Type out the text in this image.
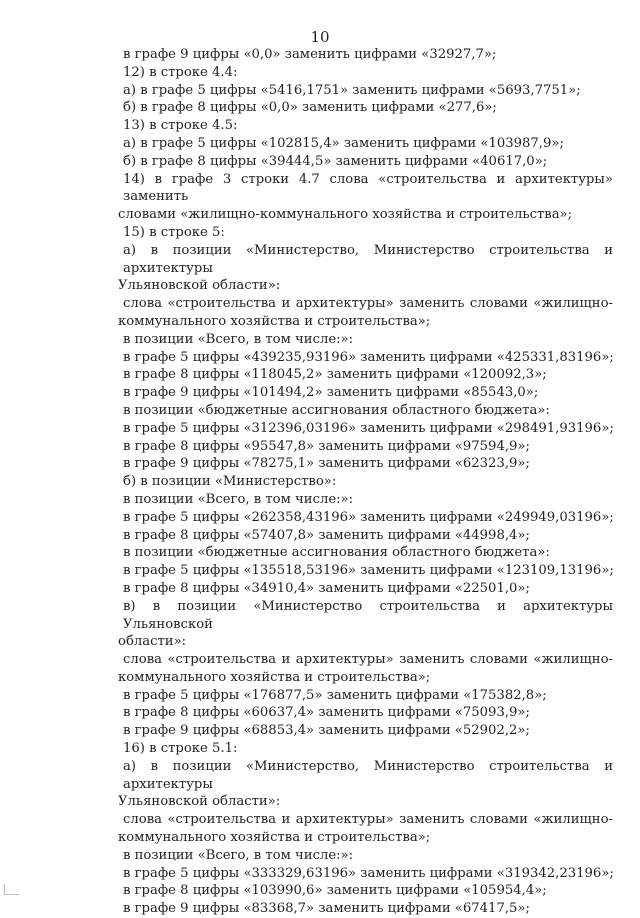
10
в графе 9 цифры «0,0» заменить цифрами «32927,7»;
12) в строке 4.4:
а) в графе 5 цифры «5416,1751» заменить цифрами «5693,7751»;
б) в графе 8 цифры «0,0» заменить цифрами «277,6»;
13) в строке 4.5:
а) в графе 5 цифры «102815,4» заменить цифрами «103987,9»;
б) в графе 8 цифры «39444,5» заменить цифрами «40617,0»;
14) в графе 3 строки 4.7 слова «строительства и архитектуры» заменить
словами «жилищно-коммунального хозяйства и строительства»;
15) в строке 5:
а) в позиции «Министерство, Министерство строительства и архитектуры
Ульяновской области»:
слова «строительства и архитектуры» заменить словами «жилищно-
коммунального хозяйства и строительства»;
в позиции «Всего, в том числе:»:
в графе 5 цифры «439235,93196» заменить цифрами «425331,83196»;
в графе 8 цифры «118045,2» заменить цифрами «120092,3»;
в графе 9 цифры «101494,2» заменить цифрами «85543,0»;
в позиции «бюджетные ассигнования областного бюджета»:
в графе 5 цифры «312396,03196» заменить цифрами «298491,93196»;
в графе 8 цифры «95547,8» заменить цифрами «97594,9»;
в графе 9 цифры «78275,1» заменить цифрами «62323,9»;
б) в позиции «Министерство»:
в позиции «Всего, в том числе:»:
в графе 5 цифры «262358,43196» заменить цифрами «249949,03196»;
в графе 8 цифры «57407,8» заменить цифрами «44998,4»;
в позиции «бюджетные ассигнования областного бюджета»:
в графе 5 цифры «135518,53196» заменить цифрами «123109,13196»;
в графе 8 цифры «34910,4» заменить цифрами «22501,0»;
в) в позиции «Министерство строительства и архитектуры Ульяновской
области»:
слова «строительства и архитектуры» заменить словами «жилищно-
коммунального хозяйства и строительства»;
в графе 5 цифры «176877,5» заменить цифрами «175382,8»;
в графе 8 цифры «60637,4» заменить цифрами «75093,9»;
в графе 9 цифры «68853,4» заменить цифрами «52902,2»;
16) в строке 5.1:
а) в позиции «Министерство, Министерство строительства и архитектуры
Ульяновской области»:
слова «строительства и архитектуры» заменить словами «жилищно-
коммунального хозяйства и строительства»;
в позиции «Всего, в том числе:»:
в графе 5 цифры «333329,63196» заменить цифрами «319342,23196»;
в графе 8 цифры «103990,6» заменить цифрами «105954,4»;
в графе 9 цифры «83368,7» заменить цифрами «67417,5»;
